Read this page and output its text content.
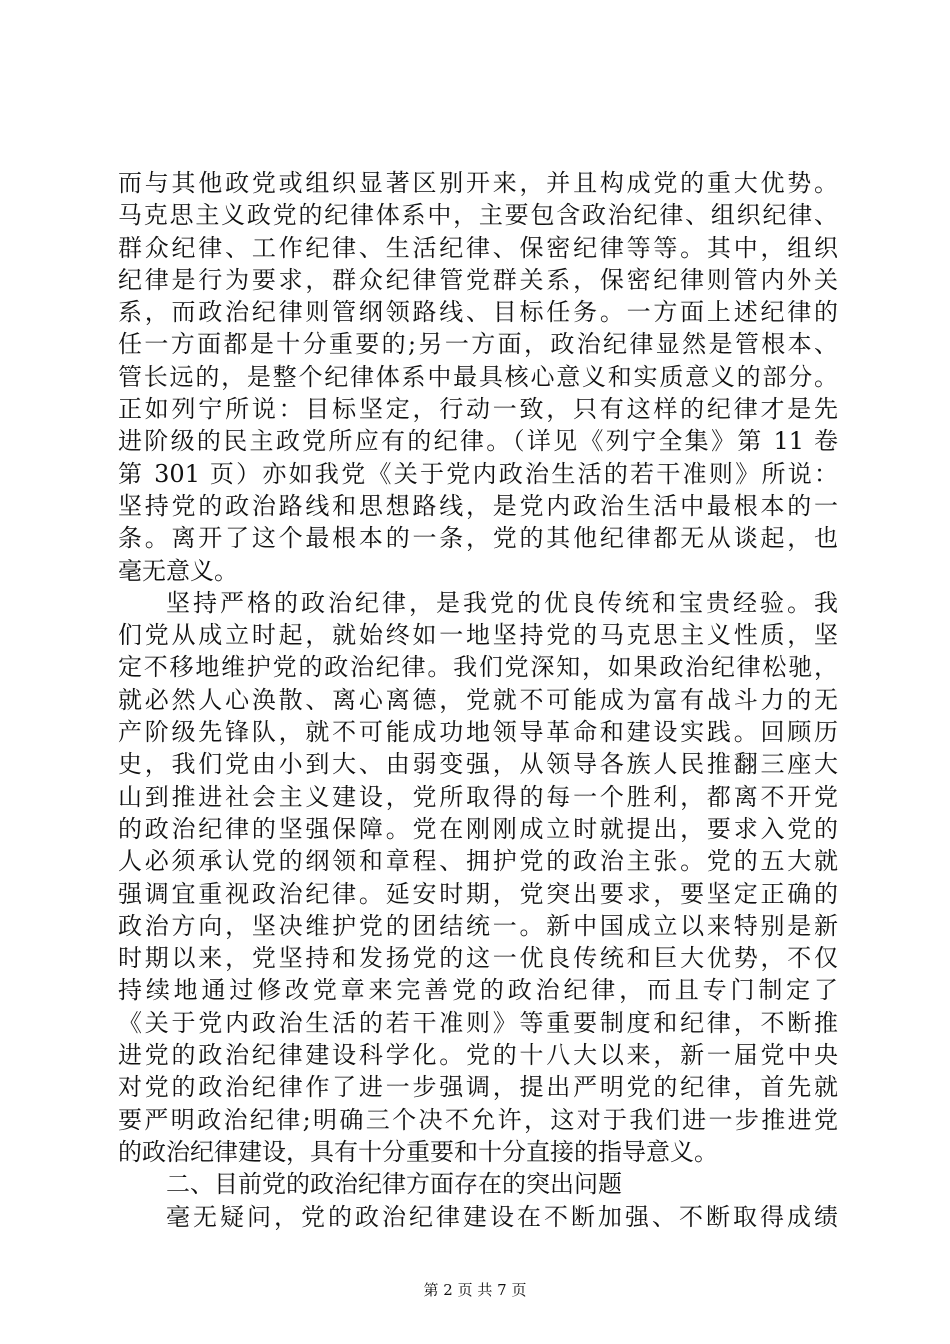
而与其他政党或组织显著区别开来，并且构成党的重大优势。
马克思主义政党的纪律体系中，主要包含政治纪律、组织纪律、
群众纪律、工作纪律、生活纪律、保密纪律等等。其中，组织
纪律是行为要求，群众纪律管党群关系，保密纪律则管内外关
系，而政治纪律则管纲领路线、目标任务。一方面上述纪律的
任一方面都是十分重要的;另一方面，政治纪律显然是管根本、
管长远的，是整个纪律体系中最具核心意义和实质意义的部分。
正如列宁所说：目标坚定，行动一致，只有这样的纪律才是先
进阶级的民主政党所应有的纪律。（详见《列宁全集》第 11 卷
第 301 页）亦如我党《关于党内政治生活的若干准则》所说：
坚持党的政治路线和思想路线，是党内政治生活中最根本的一
条。离开了这个最根本的一条，党的其他纪律都无从谈起，也
毫无意义。
坚持严格的政治纪律，是我党的优良传统和宝贵经验。我
们党从成立时起，就始终如一地坚持党的马克思主义性质，坚
定不移地维护党的政治纪律。我们党深知，如果政治纪律松驰，
就必然人心涣散、离心离德，党就不可能成为富有战斗力的无
产阶级先锋队，就不可能成功地领导革命和建设实践。回顾历
史，我们党由小到大、由弱变强，从领导各族人民推翻三座大
山到推进社会主义建设，党所取得的每一个胜利，都离不开党
的政治纪律的坚强保障。党在刚刚成立时就提出，要求入党的
人必须承认党的纲领和章程、拥护党的政治主张。党的五大就
强调宜重视政治纪律。延安时期，党突出要求，要坚定正确的
政治方向，坚决维护党的团结统一。新中国成立以来特别是新
时期以来，党坚持和发扬党的这一优良传统和巨大优势，不仅
持续地通过修改党章来完善党的政治纪律，而且专门制定了
《关于党内政治生活的若干准则》等重要制度和纪律，不断推
进党的政治纪律建设科学化。党的十八大以来，新一届党中央
对党的政治纪律作了进一步强调，提出严明党的纪律，首先就
要严明政治纪律;明确三个决不允许，这对于我们进一步推进党
的政治纪律建设，具有十分重要和十分直接的指导意义。
二、目前党的政治纪律方面存在的突出问题
毫无疑问，党的政治纪律建设在不断加强、不断取得成绩
第 2 页 共 7 页
